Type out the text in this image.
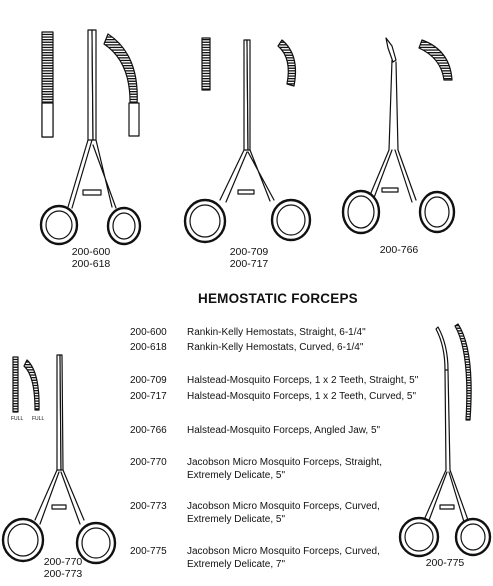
FULL FULL
200-600
200-618
200-709
200-717
200-766
200-770
200-773
200-775
HEMOSTATIC FORCEPS
200-600	Rankin-Kelly Hemostats, Straight, 6-1/4"
200-618	Rankin-Kelly Hemostats, Curved, 6-1/4"
200-709	Halstead-Mosquito Forceps, 1 x 2 Teeth, Straight, 5"
200-717	Halstead-Mosquito Forceps, 1 x 2 Teeth, Curved, 5"
200-766	Halstead-Mosquito Forceps, Angled Jaw, 5"
200-770	Jacobson Micro Mosquito Forceps, Straight, Extremely Delicate, 5"
200-773	Jacobson Micro Mosquito Forceps, Curved, Extremely Delicate, 5"
200-775	Jacobson Micro Mosquito Forceps, Curved, Extremely Delicate, 7"
